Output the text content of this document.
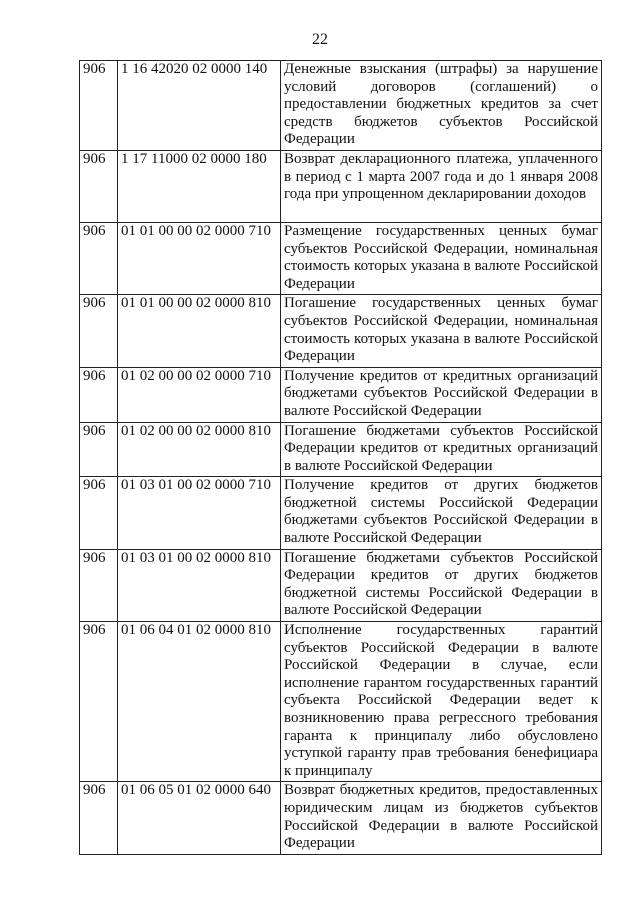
22
906	1 16 42020 02 0000 140	Денежные взыскания (штрафы) за нарушение условий договоров (соглашений) о предоставлении бюджетных кредитов за счет средств бюджетов субъектов Российской Федерации
906	1 17 11000 02 0000 180	Возврат декларационного платежа, уплаченного в период с 1 марта 2007 года и до 1 января 2008 года при упрощенном декларировании доходов
906	01 01 00 00 02 0000 710	Размещение государственных ценных бумаг субъектов Российской Федерации, номинальная стоимость которых указана в валюте Российской Федерации
906	01 01 00 00 02 0000 810	Погашение государственных ценных бумаг субъектов Российской Федерации, номинальная стоимость которых указана в валюте Российской Федерации
906	01 02 00 00 02 0000 710	Получение кредитов от кредитных организаций бюджетами субъектов Российской Федерации в валюте Российской Федерации
906	01 02 00 00 02 0000 810	Погашение бюджетами субъектов Российской Федерации кредитов от кредитных организаций в валюте Российской Федерации
906	01 03 01 00 02 0000 710	Получение кредитов от других бюджетов бюджетной системы Российской Федерации бюджетами субъектов Российской Федерации в валюте Российской Федерации
906	01 03 01 00 02 0000 810	Погашение бюджетами субъектов Российской Федерации кредитов от других бюджетов бюджетной системы Российской Федерации в валюте Российской Федерации
906	01 06 04 01 02 0000 810	Исполнение государственных гарантий субъектов Российской Федерации в валюте Российской Федерации в случае, если исполнение гарантом государственных гарантий субъекта Российской Федерации ведет к возникновению права регрессного требования гаранта к принципалу либо обусловлено уступкой гаранту прав требования бенефициара к принципалу
906	01 06 05 01 02 0000 640	Возврат бюджетных кредитов, предоставленных юридическим лицам из бюджетов субъектов Российской Федерации в валюте Российской Федерации
